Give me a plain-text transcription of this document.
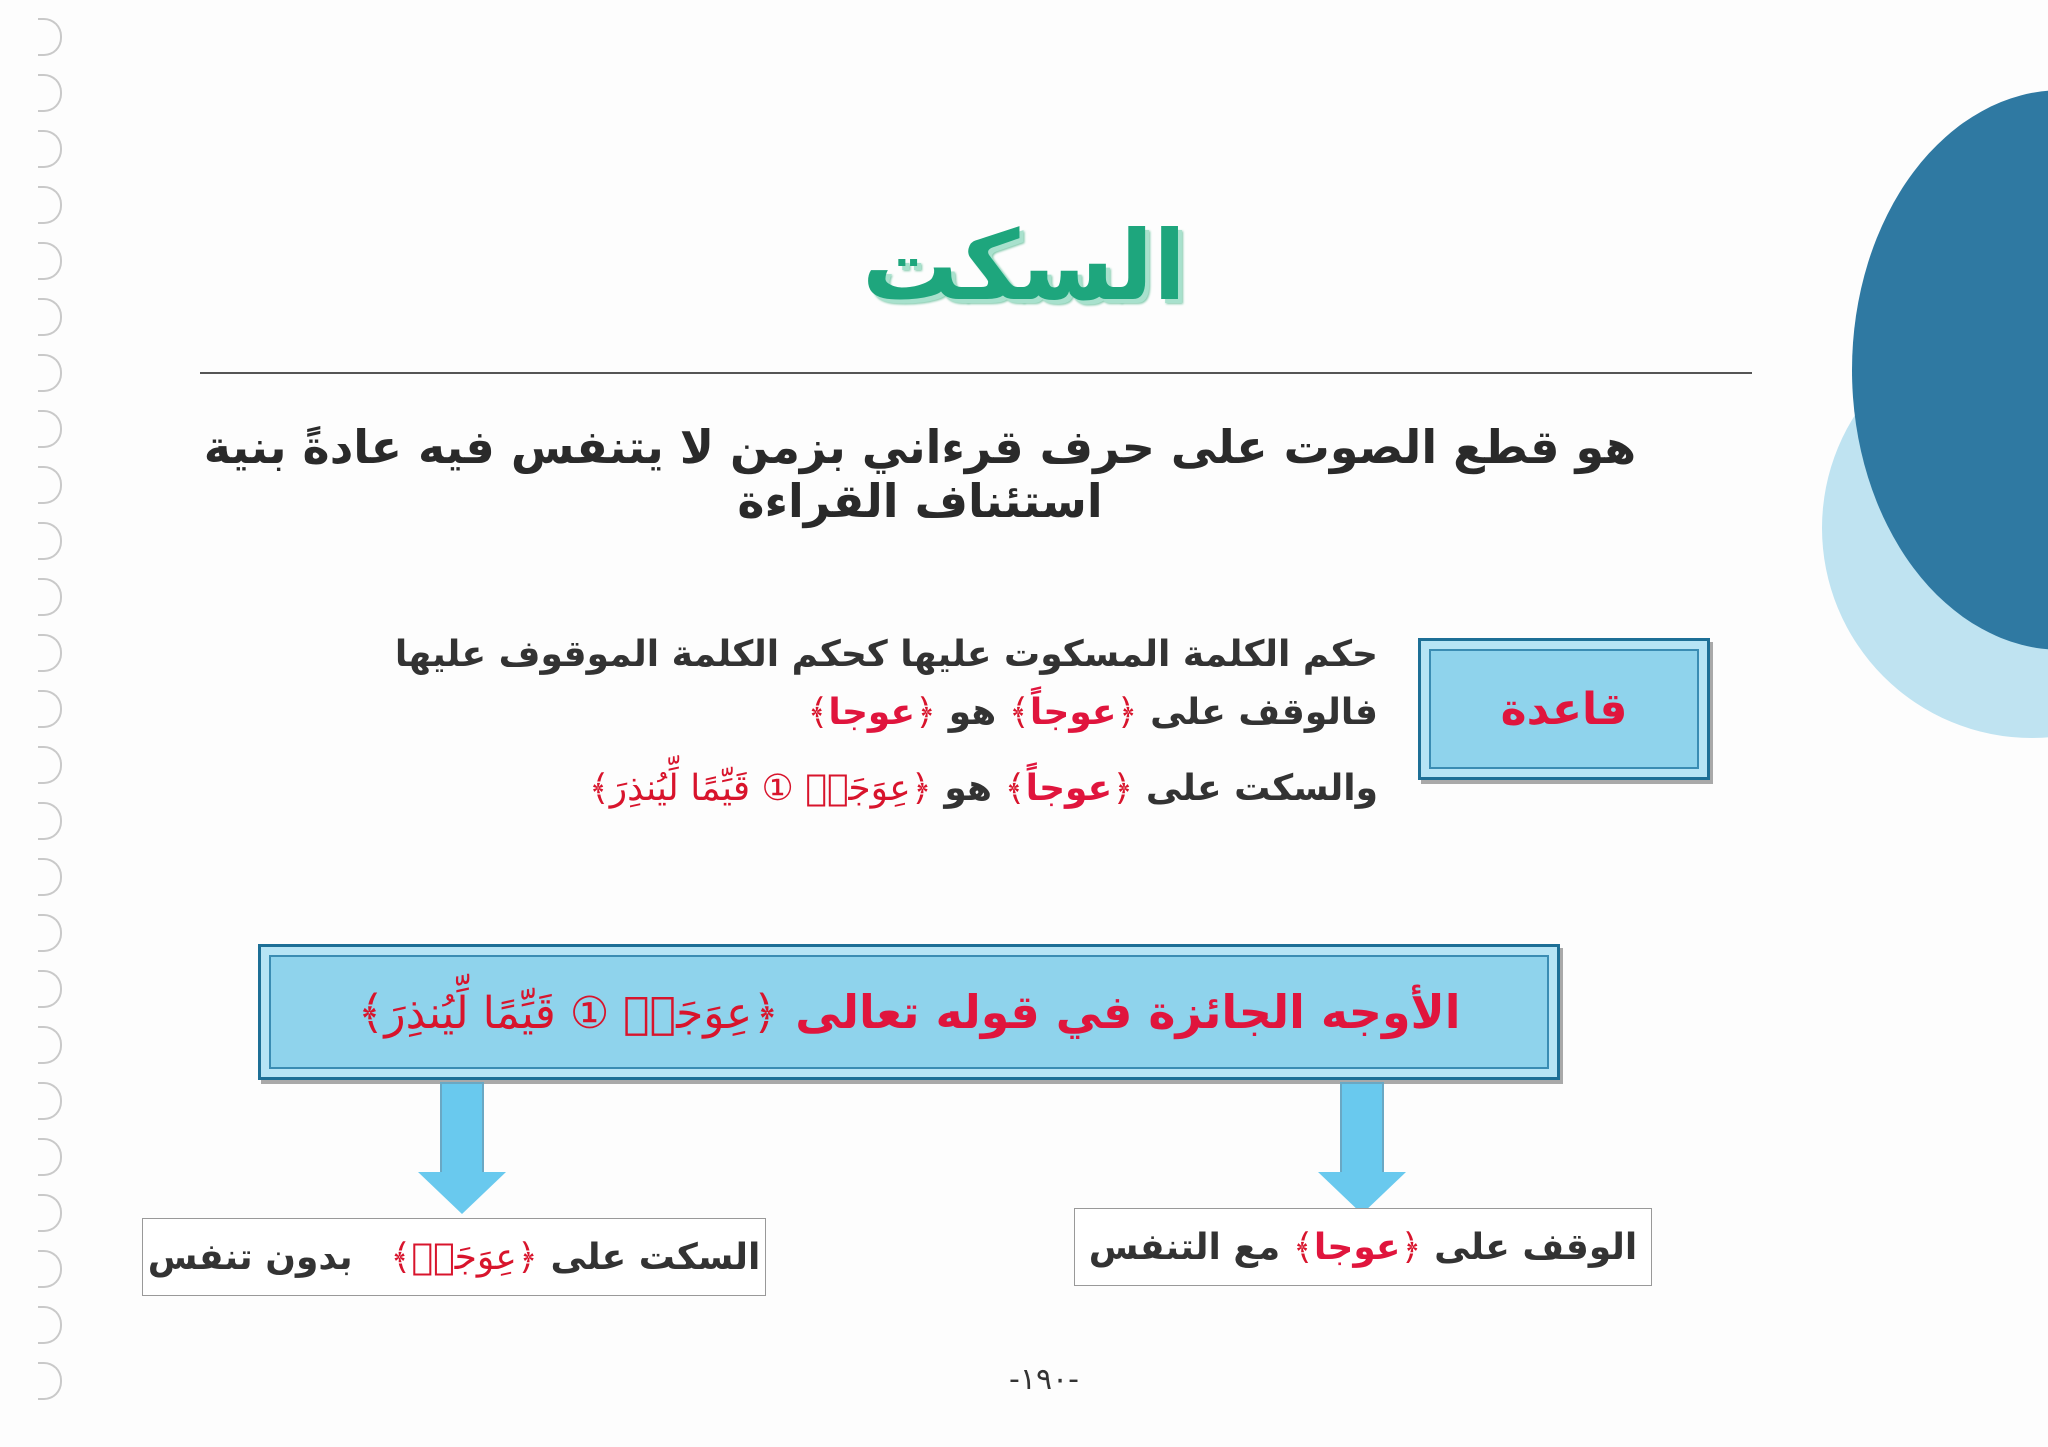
السكت
هو قطع الصوت على حرف قرءاني بزمن لا يتنفس فيه عادةً بنية استئناف القراءة
قاعدة
حكم الكلمة المسكوت عليها كحكم الكلمة الموقوف عليها
فالوقف على ﴿عوجاً﴾ هو ﴿عوجا﴾
والسكت على ﴿عوجاً﴾ هو ﴿عِوَجَاۜ ① قَيِّمًا لِّيُنذِرَ﴾
الأوجه الجائزة في قوله تعالى ﴿عِوَجَاۜ ① قَيِّمًا لِّيُنذِرَ﴾
السكت على

﴿
عِوَجَاۜ
﴾

بدون تنفس	الوقف على

﴿
عوجا
﴾

مع التنفس
-١٩٠-
